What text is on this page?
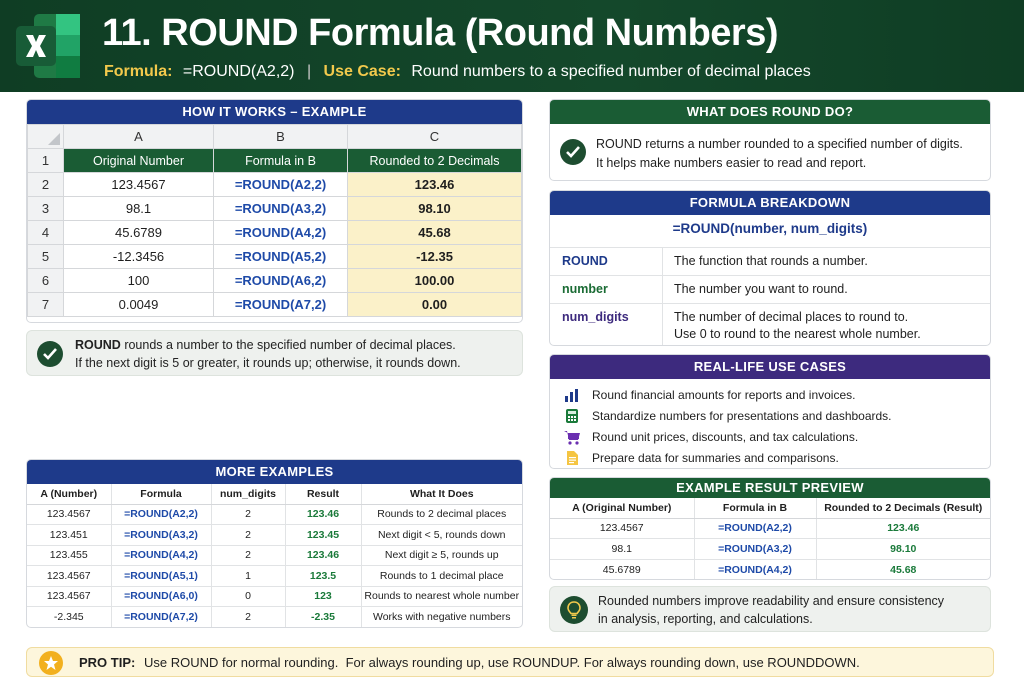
11. ROUND Formula (Round Numbers)
Formula: =ROUND(A2,2) | Use Case: Round numbers to a specified number of decimal places
HOW IT WORKS – EXAMPLE
	A	B	C
1	Original Number	Formula in B	Rounded to 2 Decimals
2	123.4567	=ROUND(A2,2)	123.46
3	98.1	=ROUND(A3,2)	98.10
4	45.6789	=ROUND(A4,2)	45.68
5	-12.3456	=ROUND(A5,2)	-12.35
6	100	=ROUND(A6,2)	100.00
7	0.0049	=ROUND(A7,2)	0.00
ROUND rounds a number to the specified number of decimal places.
If the next digit is 5 or greater, it rounds up; otherwise, it rounds down.
MORE EXAMPLES
A (Number)	Formula	num_digits	Result	What It Does
123.4567	=ROUND(A2,2)	2	123.46	Rounds to 2 decimal places
123.451	=ROUND(A3,2)	2	123.45	Next digit < 5, rounds down
123.455	=ROUND(A4,2)	2	123.46	Next digit ≥ 5, rounds up
123.4567	=ROUND(A5,1)	1	123.5	Rounds to 1 decimal place
123.4567	=ROUND(A6,0)	0	123	Rounds to nearest whole number
-2.345	=ROUND(A7,2)	2	-2.35	Works with negative numbers
WHAT DOES ROUND DO?
ROUND returns a number rounded to a specified number of digits.
It helps make numbers easier to read and report.
FORMULA BREAKDOWN
=ROUND(number, num_digits)
ROUND	The function that rounds a number.
number	The number you want to round.
num_digits	The number of decimal places to round to.
Use 0 to round to the nearest whole number.
REAL-LIFE USE CASES
Round financial amounts for reports and invoices.
Standardize numbers for presentations and dashboards.
Round unit prices, discounts, and tax calculations.
Prepare data for summaries and comparisons.
EXAMPLE RESULT PREVIEW
A (Original Number)	Formula in B	Rounded to 2 Decimals (Result)
123.4567	=ROUND(A2,2)	123.46
98.1	=ROUND(A3,2)	98.10
45.6789	=ROUND(A4,2)	45.68
Rounded numbers improve readability and ensure consistency
in analysis, reporting, and calculations.
PRO TIP: Use ROUND for normal rounding.  For always rounding up, use ROUNDUP. For always rounding down, use ROUNDDOWN.
